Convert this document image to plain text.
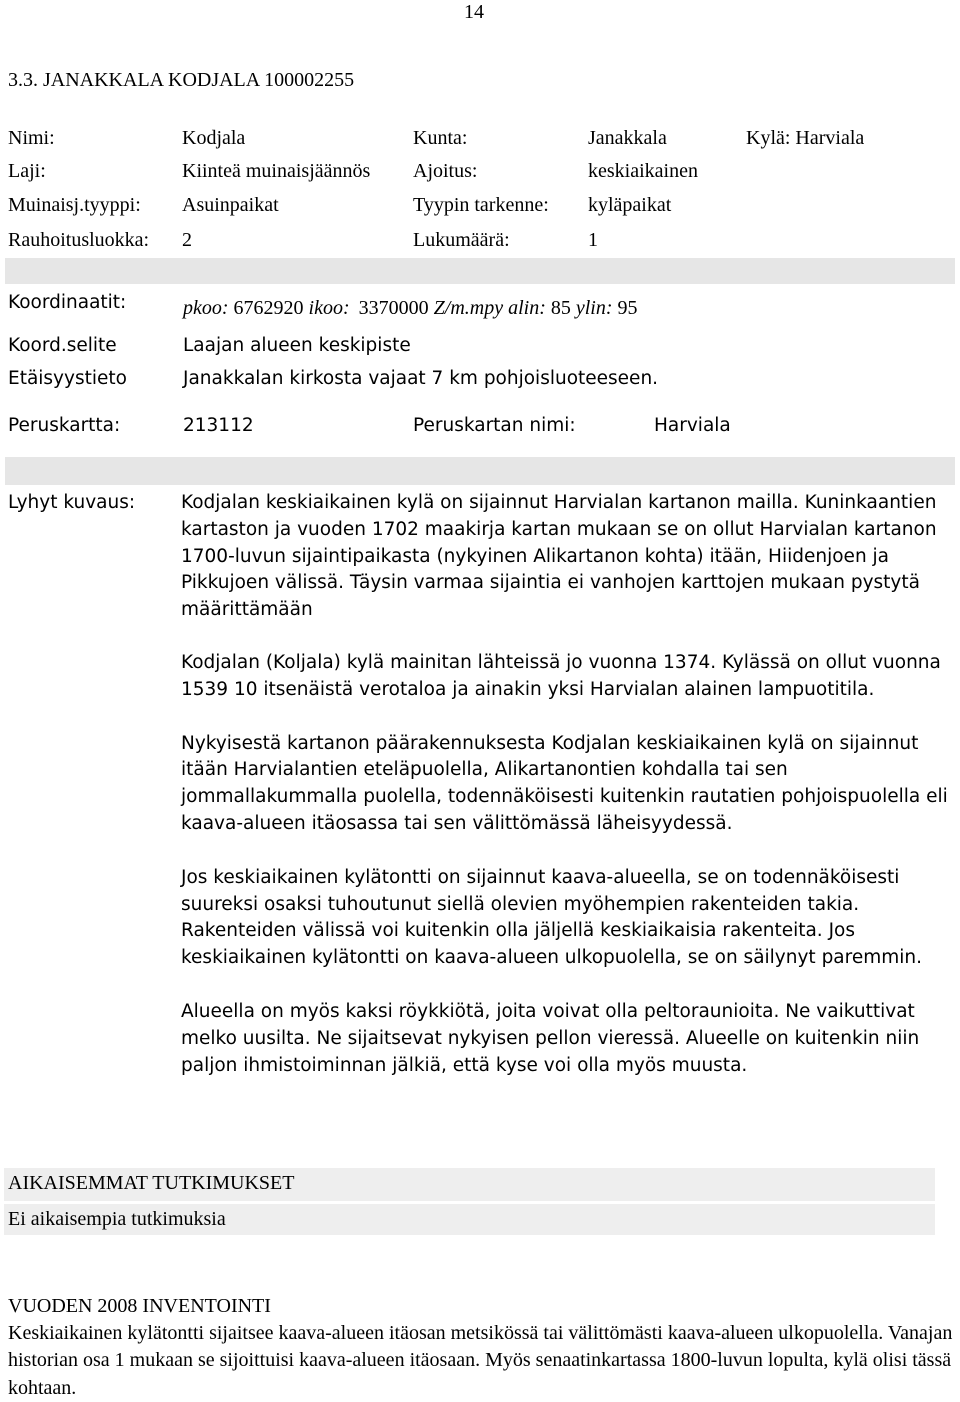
14
3.3. JANAKKALA KODJALA 100002255
Nimi:	Kodjala	Kunta:	Janakkala	Kylä: Harviala
Laji:	Kiinteä muinaisjäännös Ajoitus:	keskiaikainen
Muinaisj.tyyppi: Asuinpaikat	Tyypin tarkenne: kyläpaikat
Rauhoitusluokka: 2	Lukumäärä:	1
Koordinaatit:	pkoo: 6762920 ikoo: 3370000 Z/m.mpy alin: 85 ylin: 95
Koord.selite	Laajan alueen keskipiste
Etäisyystieto	Janakkalan kirkosta vajaat 7 km pohjoisluoteeseen.
Peruskartta:	213112	Peruskartan nimi:	Harviala
Lyhyt kuvaus: Kodjalan keskiaikainen kylä on sijainnut Harvialan kartanon mailla. Kuninkaantien kartaston ja vuoden 1702 maakirja kartan mukaan se on ollut Harvialan kartanon 1700-luvun sijaintipaikasta (nykyinen Alikartanon kohta) itään, Hiidenjoen ja Pikkujoen välissä. Täysin varmaa sijaintia ei vanhojen karttojen mukaan pystytä määrittämään

Kodjalan (Koljala) kylä mainitan lähteissä jo vuonna 1374. Kylässä on ollut vuonna 1539 10 itsenäistä verotaloa ja ainakin yksi Harvialan alainen lampuotitila.

Nykyisestä kartanon päärakennuksesta Kodjalan keskiaikainen kylä on sijainnut itään Harvialantien eteläpuolella, Alikartanontien kohdalla tai sen jommallakummalla puolella, todennäköisesti kuitenkin rautatien pohjoispuolella eli kaava-alueen itäosassa tai sen välittömässä läheisyydessä.

Jos keskiaikainen kylätontti on sijainnut kaava-alueella, se on todennäköisesti suureksi osaksi tuhoutunut siellä olevien myöhempien rakenteiden takia. Rakenteiden välissä voi kuitenkin olla jäljellä keskiaikaisia rakenteita. Jos keskiaikainen kylätontti on kaava-alueen ulkopuolella, se on säilynyt paremmin.

Alueella on myös kaksi röykkiötä, joita voivat olla peltoraunioita. Ne vaikuttivat melko uusilta. Ne sijaitsevat nykyisen pellon vieressä. Alueelle on kuitenkin niin paljon ihmistoiminnan jälkiä, että kyse voi olla myös muusta.

AIKAISEMMAT TUTKIMUKSET
Ei aikaisempia tutkimuksia
VUODEN 2008 INVENTOINTI
Keskiaikainen kylätontti sijaitsee kaava-alueen itäosan metsikössä tai välittömästi kaava-alueen ulkopuolella. Vanajan historian osa 1 mukaan se sijoittuisi kaava-alueen itäosaan. Myös senaatinkartassa 1800-luvun lopulta, kylä olisi tässä kohtaan.
